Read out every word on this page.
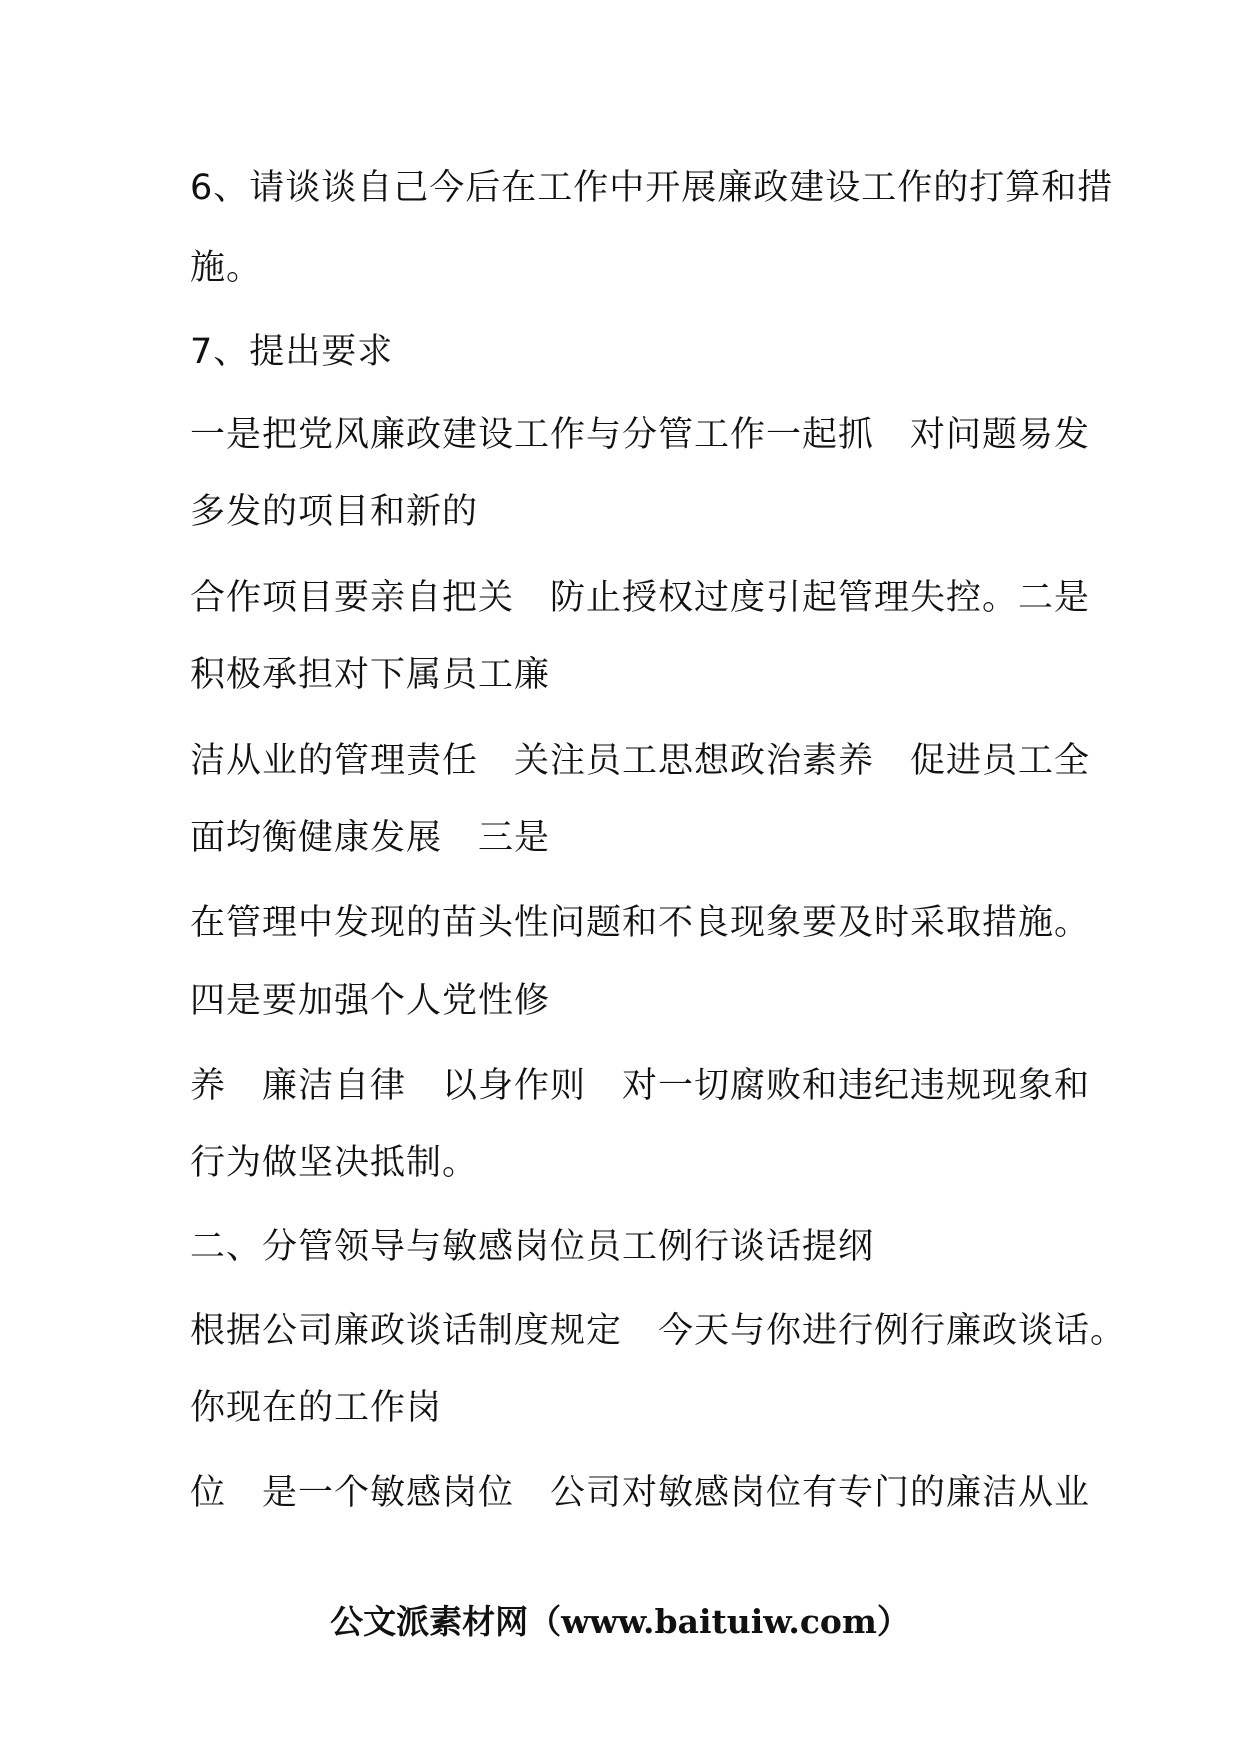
6、请谈谈自己今后在工作中开展廉政建设工作的打算和措

施。

7、提出要求

一是把党风廉政建设工作与分管工作一起抓　对问题易发

多发的项目和新的

合作项目要亲自把关　防止授权过度引起管理失控。二是

积极承担对下属员工廉

洁从业的管理责任　关注员工思想政治素养　促进员工全

面均衡健康发展　三是

在管理中发现的苗头性问题和不良现象要及时采取措施。

四是要加强个人党性修

养　廉洁自律　以身作则　对一切腐败和违纪违规现象和

行为做坚决抵制。

二、分管领导与敏感岗位员工例行谈话提纲

根据公司廉政谈话制度规定　今天与你进行例行廉政谈话。

你现在的工作岗

位　是一个敏感岗位　公司对敏感岗位有专门的廉洁从业

公文派素材网（www.baituiw.com）
